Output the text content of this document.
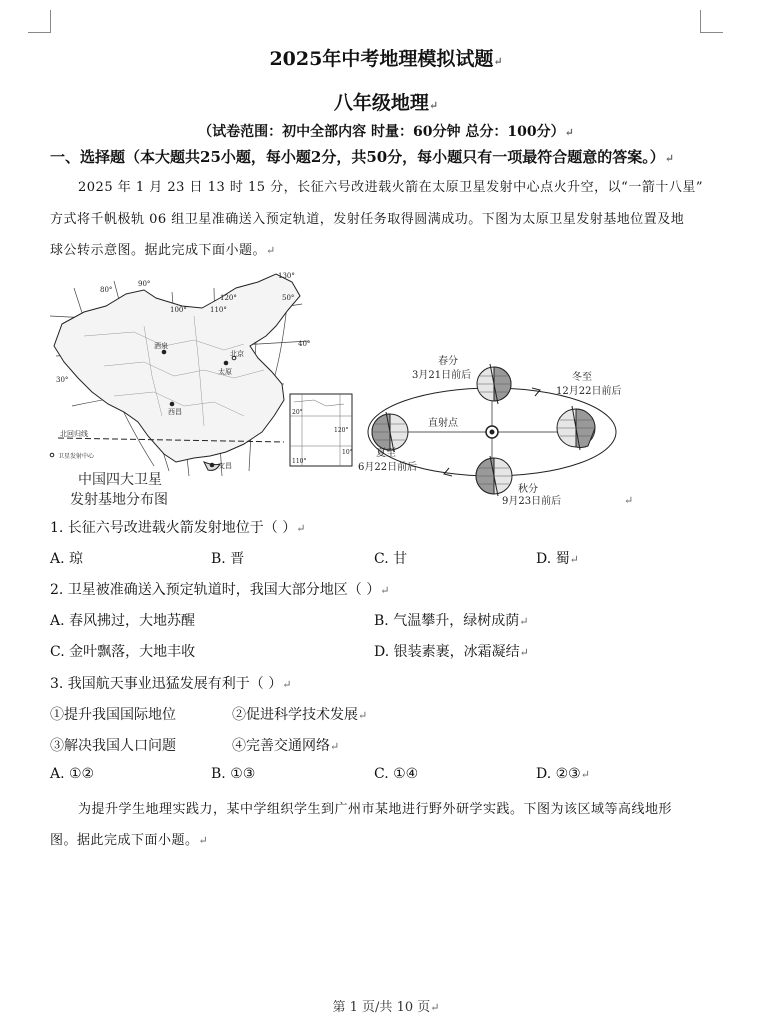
2025年中考地理模拟试题↵
八年级地理↵
（试卷范围：初中全部内容 时量：60分钟 总分：100分）↵
一、选择题（本大题共25小题，每小题2分，共50分，每小题只有一项最符合题意的答案。）↵
2025 年 1 月 23 日 13 时 15 分，长征六号改进载火箭在太原卫星发射中心点火升空，以“一箭十八星”
方式将千帆极轨 06 组卫星准确送入预定轨道，发射任务取得圆满成功。下图为太原卫星发射基地位置及地
球公转示意图。据此完成下面小题。↵
酒泉
太原
西昌
文昌
北京
80°
90°
100°	110°
120°
130°
50°
40°
30°
北回归线
110°
120°
20°
10°
卫星发射中心
中国四大卫星
发射基地分布图
春分
3月21日前后	冬至
12月22日前后
夏至
6月22日前后
秋分
9月23日前后
直射点
↵
1. 长征六号改进载火箭发射地位于（ ）↵
A. 琼	B. 晋	C. 甘	D. 蜀↵
2. 卫星被准确送入预定轨道时，我国大部分地区（ ）↵
A. 春风拂过，大地苏醒	B. 气温攀升，绿树成荫↵
C. 金叶飘落，大地丰收	D. 银装素裹，冰霜凝结↵
3. 我国航天事业迅猛发展有利于（ ）↵
①提升我国国际地位	②促进科学技术发展↵
③解决我国人口问题	④完善交通网络↵
A. ①②	B. ①③	C. ①④	D. ②③↵
为提升学生地理实践力，某中学组织学生到广州市某地进行野外研学实践。下图为该区域等高线地形
图。据此完成下面小题。↵
第 1 页/共 10 页↵
